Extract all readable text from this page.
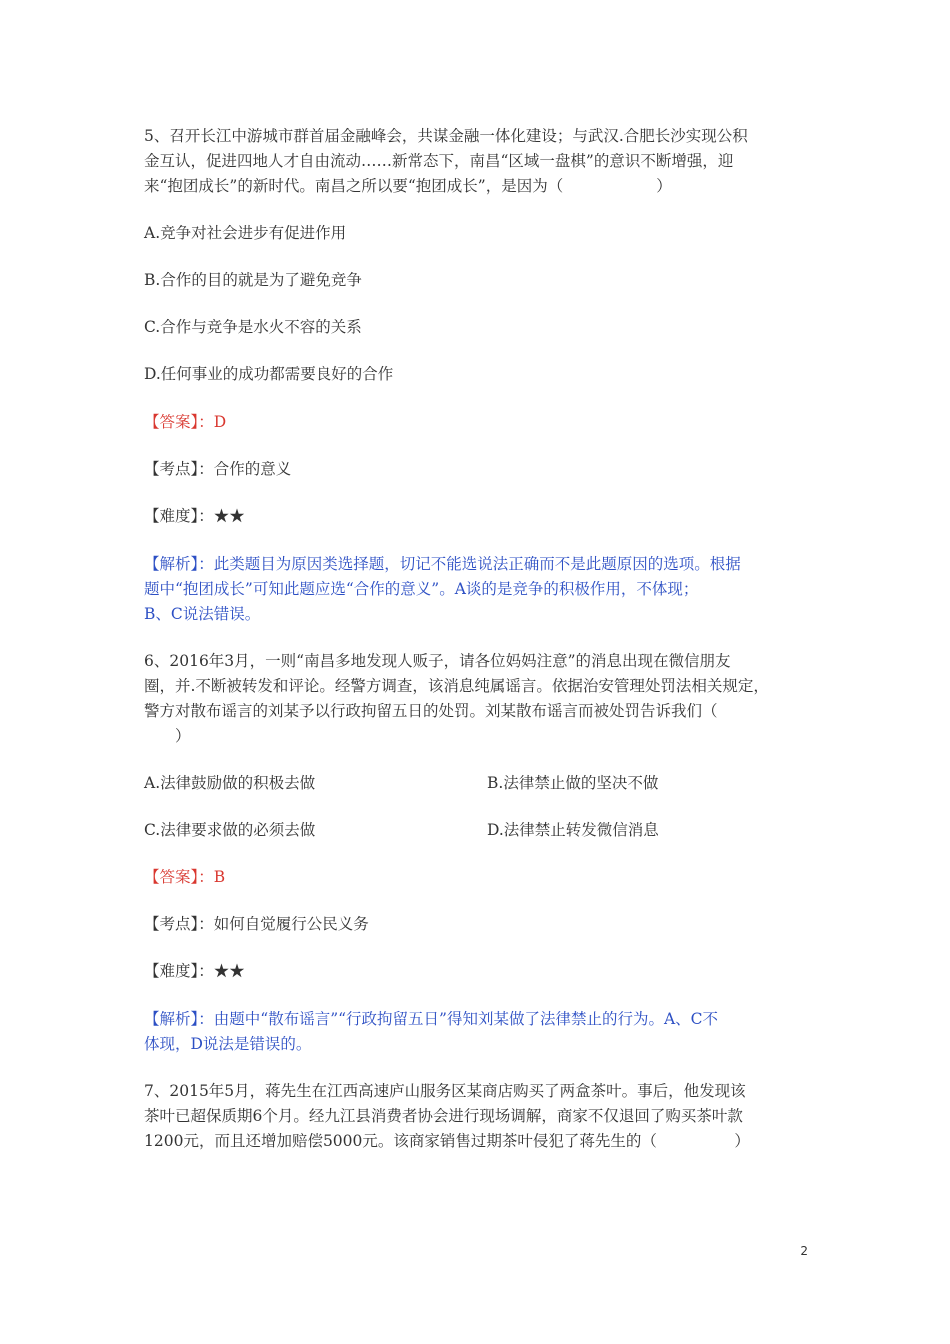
5、召开长江中游城市群首届金融峰会，共谋金融一体化建设；与武汉.合肥长沙实现公积
金互认，促进四地人才自由流动……新常态下，南昌“区域一盘棋”的意识不断增强，迎
来“抱团成长”的新时代。南昌之所以要“抱团成长”，是因为（　　　　　　）
A.竞争对社会进步有促进作用
B.合作的目的就是为了避免竞争
C.合作与竞争是水火不容的关系
D.任何事业的成功都需要良好的合作
【答案】：D
【考点】：合作的意义
【难度】：★★
【解析】：此类题目为原因类选择题，切记不能选说法正确而不是此题原因的选项。根据
题中“抱团成长”可知此题应选“合作的意义”。A谈的是竞争的积极作用，不体现；
B、C说法错误。
6、2016年3月，一则“南昌多地发现人贩子，请各位妈妈注意”的消息出现在微信朋友
圈，并.不断被转发和评论。经警方调查，该消息纯属谣言。依据治安管理处罚法相关规定，
警方对散布谣言的刘某予以行政拘留五日的处罚。刘某散布谣言而被处罚告诉我们（
　　）
A.法律鼓励做的积极去做	B.法律禁止做的坚决不做
C.法律要求做的必须去做	D.法律禁止转发微信消息
【答案】：B
【考点】：如何自觉履行公民义务
【难度】：★★
【解析】：由题中“散布谣言”“行政拘留五日”得知刘某做了法律禁止的行为。A、C不
体现，D说法是错误的。
7、2015年5月，蒋先生在江西高速庐山服务区某商店购买了两盒茶叶。事后，他发现该
茶叶已超保质期6个月。经九江县消费者协会进行现场调解，商家不仅退回了购买茶叶款
1200元，而且还增加赔偿5000元。该商家销售过期茶叶侵犯了蒋先生的（　　　　　）
2
